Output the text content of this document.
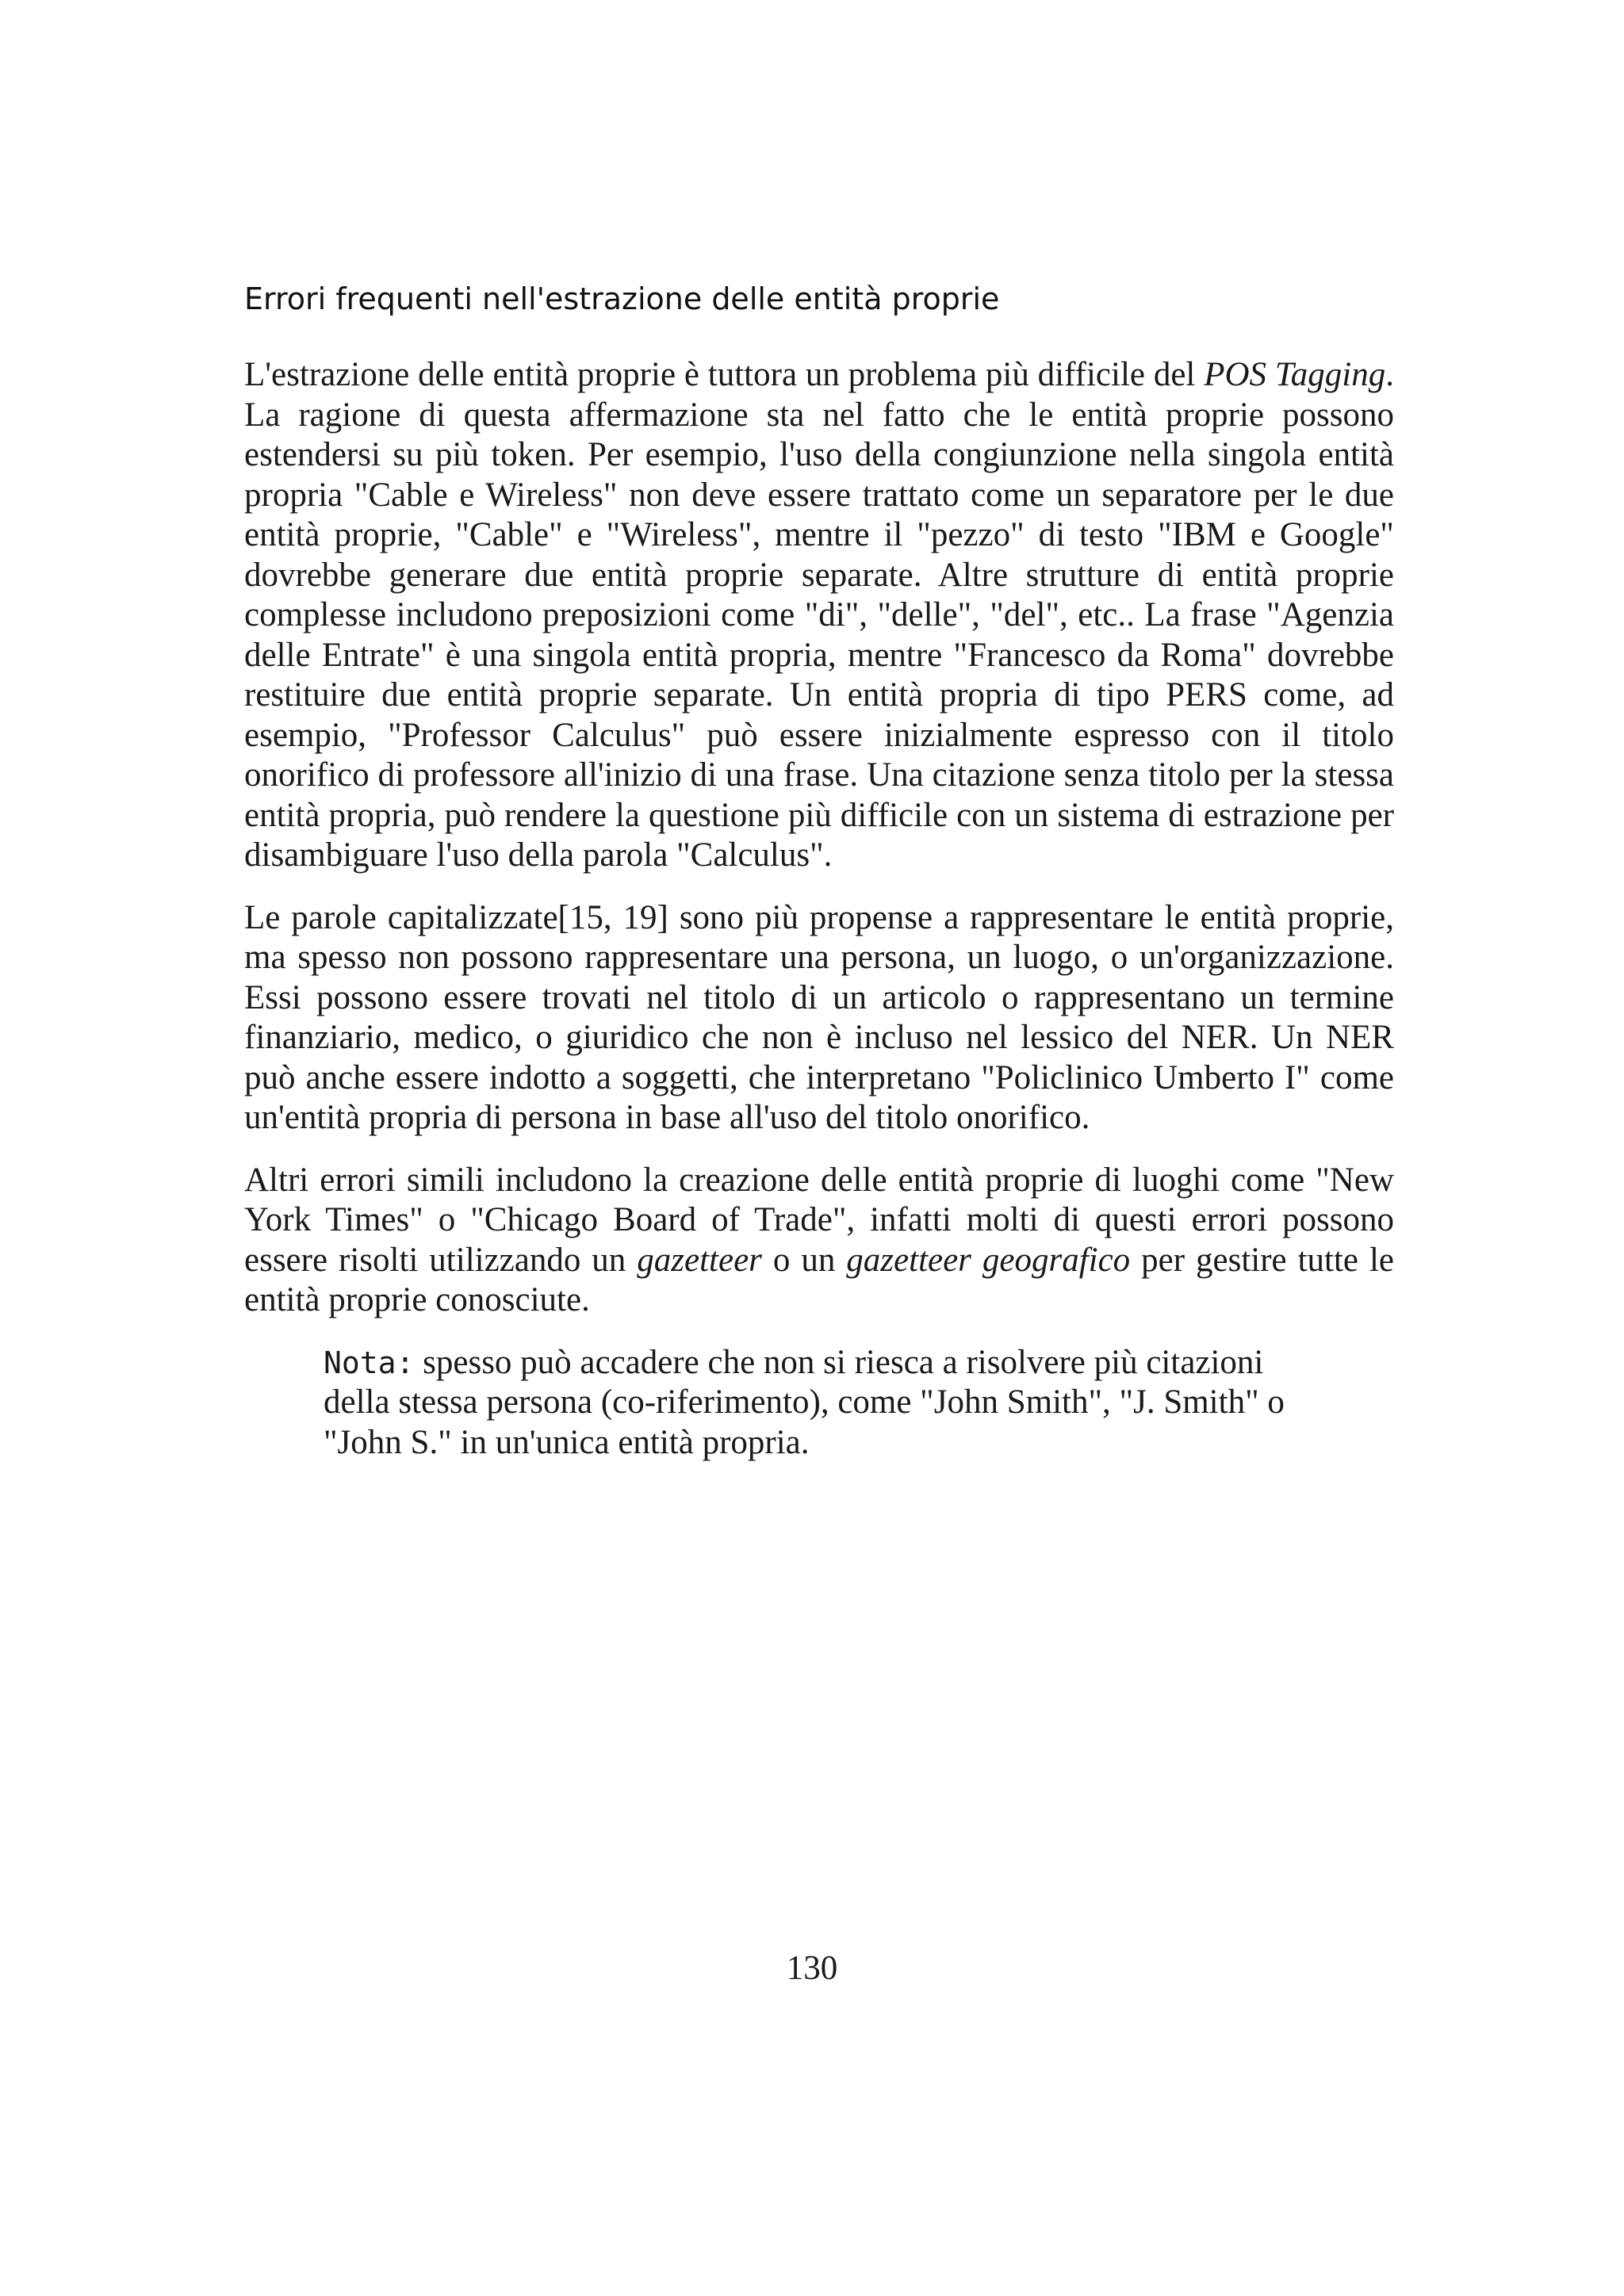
Errori frequenti nell'estrazione delle entità proprie

L'estrazione delle entità proprie è tuttora un problema più difficile del POS Tagging. La ragione di questa affermazione sta nel fatto che le entità proprie possono estendersi su più token. Per esempio, l'uso della congiunzione nella singola entità propria "Cable e Wireless" non deve essere trattato come un separatore per le due entità proprie, "Cable" e "Wireless", mentre il "pezzo" di testo "IBM e Google" dovrebbe generare due entità proprie separate. Altre strutture di entità proprie complesse includono preposizioni come "di", "delle", "del", etc.. La frase "Agenzia delle Entrate" è una singola entità propria, mentre "Francesco da Roma" dovrebbe restituire due entità proprie separate. Un entità propria di tipo PERS come, ad esempio, "Professor Calculus" può essere inizialmente espresso con il titolo onorifico di professore all'inizio di una frase. Una citazione senza titolo per la stessa entità propria, può rendere la questione più difficile con un sistema di estrazione per disambiguare l'uso della parola "Calculus".

Le parole capitalizzate[15, 19] sono più propense a rappresentare le entità proprie, ma spesso non possono rappresentare una persona, un luogo, o un'organizzazione. Essi possono essere trovati nel titolo di un articolo o rappresentano un termine finanziario, medico, o giuridico che non è incluso nel lessico del NER. Un NER può anche essere indotto a soggetti, che interpretano "Policlinico Umberto I" come un'entità propria di persona in base all'uso del titolo onorifico.

Altri errori simili includono la creazione delle entità proprie di luoghi come "New York Times" o "Chicago Board of Trade", infatti molti di questi errori possono essere risolti utilizzando un gazetteer o un gazetteer geografico per gestire tutte le entità proprie conosciute.

Nota: spesso può accadere che non si riesca a risolvere più citazioni della stessa persona (co-riferimento), come "John Smith", "J. Smith" o "John S." in un'unica entità propria.

130
